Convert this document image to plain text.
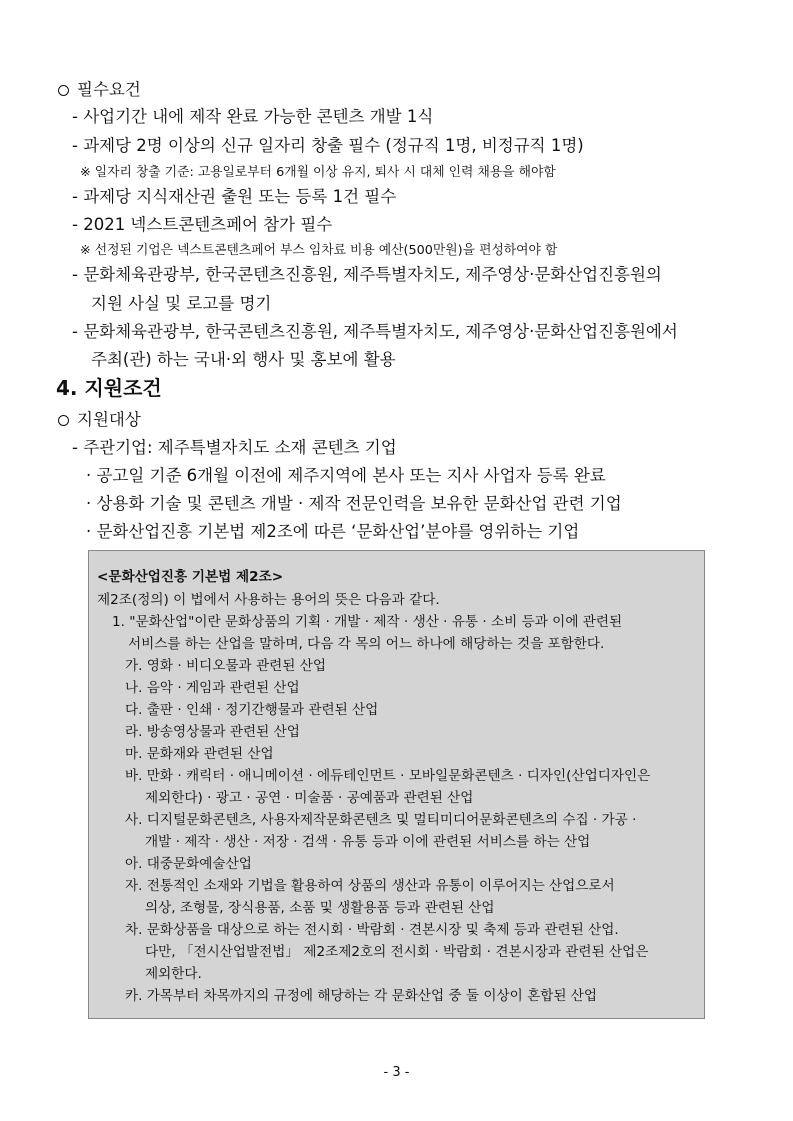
필수요건
- 사업기간 내에 제작 완료 가능한 콘텐츠 개발 1식
- 과제당 2명 이상의 신규 일자리 창출 필수 (정규직 1명, 비정규직 1명)
※ 일자리 창출 기준: 고용일로부터 6개월 이상 유지, 퇴사 시 대체 인력 채용을 해야함
- 과제당 지식재산권 출원 또는 등록 1건 필수
- 2021 넥스트콘텐츠페어 참가 필수
※ 선정된 기업은 넥스트콘텐츠페어 부스 임차료 비용 예산(500만원)을 편성하여야 함
- 문화체육관광부, 한국콘텐츠진흥원, 제주특별자치도, 제주영상·문화산업진흥원의
지원 사실 및 로고를 명기
- 문화체육관광부, 한국콘텐츠진흥원, 제주특별자치도, 제주영상·문화산업진흥원에서
주최(관) 하는 국내·외 행사 및 홍보에 활용
4. 지원조건
지원대상
- 주관기업: 제주특별자치도 소재 콘텐츠 기업
· 공고일 기준 6개월 이전에 제주지역에 본사 또는 지사 사업자 등록 완료
· 상용화 기술 및 콘텐츠 개발 · 제작 전문인력을 보유한 문화산업 관련 기업
· 문화산업진흥 기본법 제2조에 따른 ‘문화산업’분야를 영위하는 기업
<문화산업진흥 기본법 제2조>
제2조(정의) 이 법에서 사용하는 용어의 뜻은 다음과 같다.
1. "문화산업"이란 문화상품의 기획 · 개발 · 제작 · 생산 · 유통 · 소비 등과 이에 관련된
서비스를 하는 산업을 말하며, 다음 각 목의 어느 하나에 해당하는 것을 포함한다.
가. 영화 · 비디오물과 관련된 산업
나. 음악 · 게임과 관련된 산업
다. 출판 · 인쇄 · 정기간행물과 관련된 산업
라. 방송영상물과 관련된 산업
마. 문화재와 관련된 산업
바. 만화 · 캐릭터 · 애니메이션 · 에듀테인먼트 · 모바일문화콘텐츠 · 디자인(산업디자인은
제외한다) · 광고 · 공연 · 미술품 · 공예품과 관련된 산업
사. 디지털문화콘텐츠, 사용자제작문화콘텐츠 및 멀티미디어문화콘텐츠의 수집 · 가공 ·
개발 · 제작 · 생산 · 저장 · 검색 · 유통 등과 이에 관련된 서비스를 하는 산업
아. 대중문화예술산업
자. 전통적인 소재와 기법을 활용하여 상품의 생산과 유통이 이루어지는 산업으로서
의상, 조형물, 장식용품, 소품 및 생활용품 등과 관련된 산업
차. 문화상품을 대상으로 하는 전시회 · 박람회 · 견본시장 및 축제 등과 관련된 산업.
다만, 「전시산업발전법」 제2조제2호의 전시회 · 박람회 · 견본시장과 관련된 산업은
제외한다.
카. 가목부터 차목까지의 규정에 해당하는 각 문화산업 중 둘 이상이 혼합된 산업
- 3 -
